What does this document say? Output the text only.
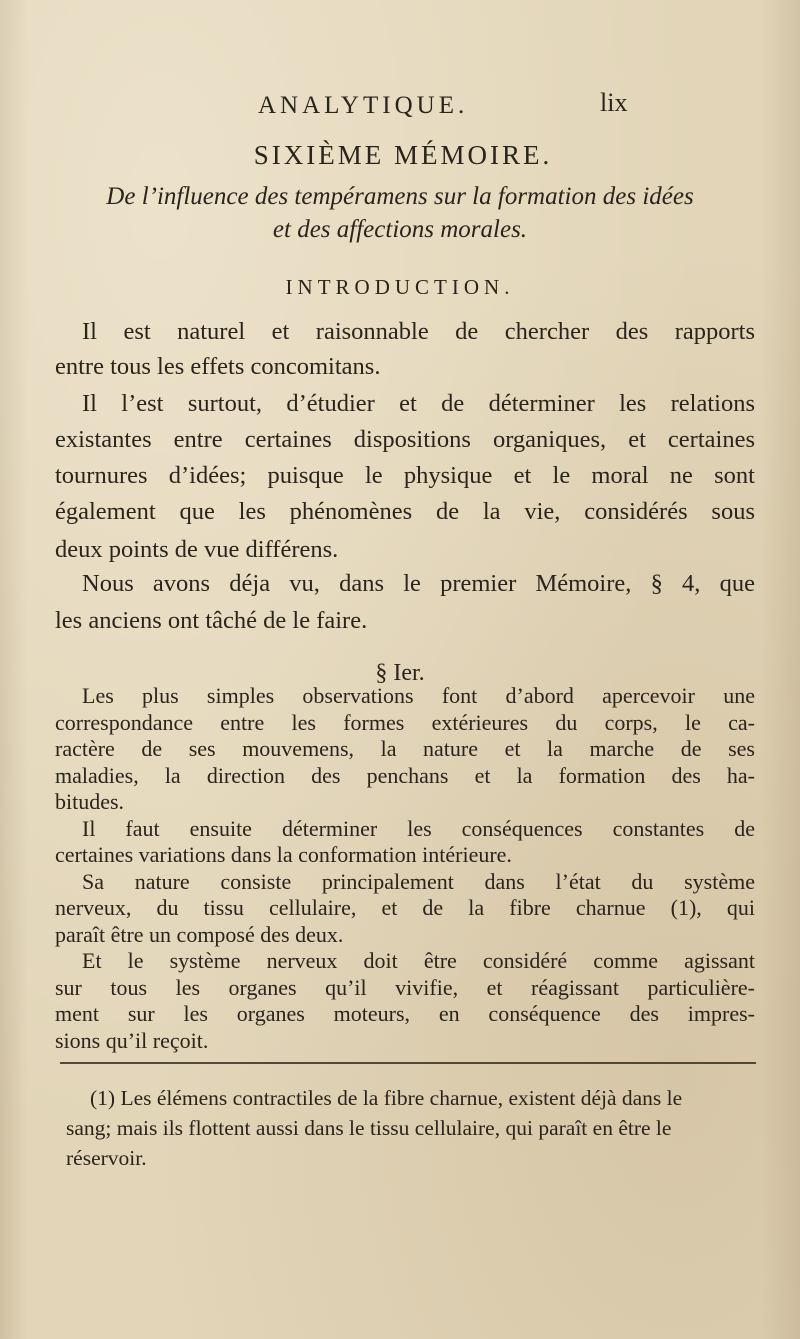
ANALYTIQUE.	lix
SIXIÈME MÉMOIRE.
De l’influence des tempéramens sur la formation des idées
et des affections morales.
INTRODUCTION.
Il est naturel et raisonnable de chercher des rapports
entre tous les effets concomitans.
Il l’est surtout, d’étudier et de déterminer les relations
existantes entre certaines dispositions organiques, et certaines
tournures d’idées; puisque le physique et le moral ne sont
également que les phénomènes de la vie, considérés sous
deux points de vue différens.
Nous avons déja vu, dans le premier Mémoire, § 4, que
les anciens ont tâché de le faire.
§ Ier.
(1) Les élémens contractiles de la fibre charnue, existent déjà dans le
sang; mais ils flottent aussi dans le tissu cellulaire, qui paraît en être le
réservoir.
Les plus simples observations font d’abord apercevoir une
correspondance entre les formes extérieures du corps, le ca-
ractère de ses mouvemens, la nature et la marche de ses
maladies, la direction des penchans et la formation des ha-
bitudes.
Il faut ensuite déterminer les conséquences constantes de
certaines variations dans la conformation intérieure.
Sa nature consiste principalement dans l’état du système
nerveux, du tissu cellulaire, et de la fibre charnue (1), qui
paraît être un composé des deux.
Et le système nerveux doit être considéré comme agissant
sur tous les organes qu’il vivifie, et réagissant particulière-
ment sur les organes moteurs, en conséquence des impres-
sions qu’il reçoit.
